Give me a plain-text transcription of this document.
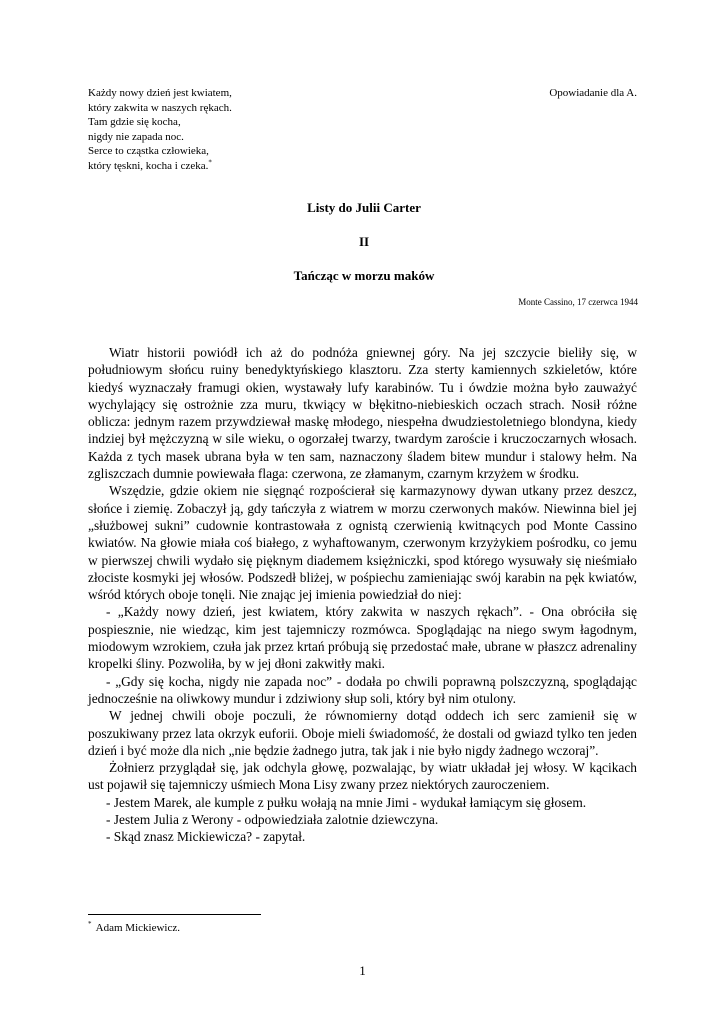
Każdy nowy dzień jest kwiatem,
który zakwita w naszych rękach.
Tam gdzie się kocha,
nigdy nie zapada noc.
Serce to cząstka człowieka,
który tęskni, kocha i czeka.*
Opowiadanie dla A.
Listy do Julii Carter
II
Tańcząc w morzu maków
Monte Cassino, 17 czerwca 1944

Wiatr historii powiódł ich aż do podnóża gniewnej góry. Na jej szczycie bieliły się, w południowym słońcu ruiny benedyktyńskiego klasztoru. Zza sterty kamiennych szkieletów, które kiedyś wyznaczały framugi okien, wystawały lufy karabinów. Tu i ówdzie można było zauważyć wychylający się ostrożnie zza muru, tkwiący w błękitno-niebieskich oczach strach. Nosił różne oblicza: jednym razem przywdziewał maskę młodego, niespełna dwudziestoletniego blondyna, kiedy indziej był mężczyzną w sile wieku, o ogorzałej twarzy, twardym zaroście i kruczoczarnych włosach. Każda z tych masek ubrana była w ten sam, naznaczony śladem bitew mundur i stalowy hełm. Na zgliszczach dumnie powiewała flaga: czerwona, ze złamanym, czarnym krzyżem w środku.

Wszędzie, gdzie okiem nie sięgnąć rozpościerał się karmazynowy dywan utkany przez deszcz, słońce i ziemię. Zobaczył ją, gdy tańczyła z wiatrem w morzu czerwonych maków. Niewinna biel jej „służbowej sukni” cudownie kontrastowała z ognistą czerwienią kwitnących pod Monte Cassino kwiatów. Na głowie miała coś białego, z wyhaftowanym, czerwonym krzyżykiem pośrodku, co jemu w pierwszej chwili wydało się pięknym diademem księżniczki, spod którego wysuwały się nieśmiało złociste kosmyki jej włosów. Podszedł bliżej, w pośpiechu zamieniając swój karabin na pęk kwiatów, wśród których oboje tonęli. Nie znając jej imienia powiedział do niej:

- „Każdy nowy dzień, jest kwiatem, który zakwita w naszych rękach”. - Ona obróciła się pospiesznie, nie wiedząc, kim jest tajemniczy rozmówca. Spoglądając na niego swym łagodnym, miodowym wzrokiem, czuła jak przez krtań próbują się przedostać małe, ubrane w płaszcz adrenaliny kropelki śliny. Pozwoliła, by w jej dłoni zakwitły maki.

- „Gdy się kocha, nigdy nie zapada noc” - dodała po chwili poprawną polszczyzną, spoglądając jednocześnie na oliwkowy mundur i zdziwiony słup soli, który był nim otulony.

W jednej chwili oboje poczuli, że równomierny dotąd oddech ich serc zamienił się w poszukiwany przez lata okrzyk euforii. Oboje mieli świadomość, że dostali od gwiazd tylko ten jeden dzień i być może dla nich „nie będzie żadnego jutra, tak jak i nie było nigdy żadnego wczoraj”.

Żołnierz przyglądał się, jak odchyla głowę, pozwalając, by wiatr układał jej włosy. W kącikach ust pojawił się tajemniczy uśmiech Mona Lisy zwany przez niektórych zauroczeniem.

- Jestem Marek, ale kumple z pułku wołają na mnie Jimi - wydukał łamiącym się głosem.

- Jestem Julia z Werony - odpowiedziała zalotnie dziewczyna.

- Skąd znasz Mickiewicza? - zapytał.

* Adam Mickiewicz.
1
